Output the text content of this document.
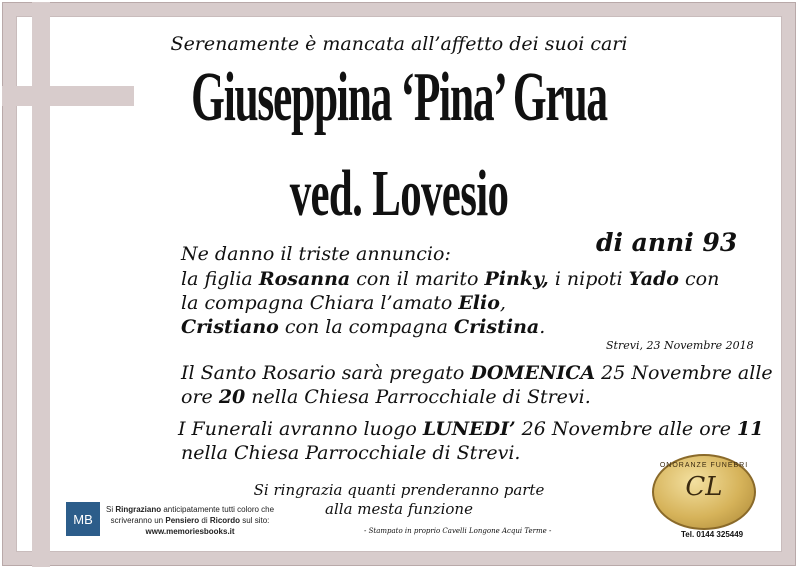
Serenamente è mancata all’affetto dei suoi cari
Giuseppina ‘Pina’ Grua
ved. Lovesio
di anni 93
Ne danno il triste annuncio:
la figlia Rosanna con il marito Pinky, i nipoti Yado con
la compagna Chiara l’amato Elio,
Cristiano con la compagna Cristina.
Strevi, 23 Novembre 2018
Il Santo Rosario sarà pregato DOMENICA 25 Novembre alle
ore 20 nella Chiesa Parrocchiale di Strevi.
I Funerali avranno luogo LUNEDI’ 26 Novembre alle ore 11
nella Chiesa Parrocchiale di Strevi.
Si ringrazia quanti prenderanno parte
alla mesta funzione
MB
Si Ringraziano anticipatamente tutti coloro che
scriveranno un Pensiero di Ricordo sul sito:
www.memoriesbooks.it	- Stampato in proprio Cavelli Longone Acqui Terme -
ONORANZE FUNEBRI
CL
Tel. 0144 325449
